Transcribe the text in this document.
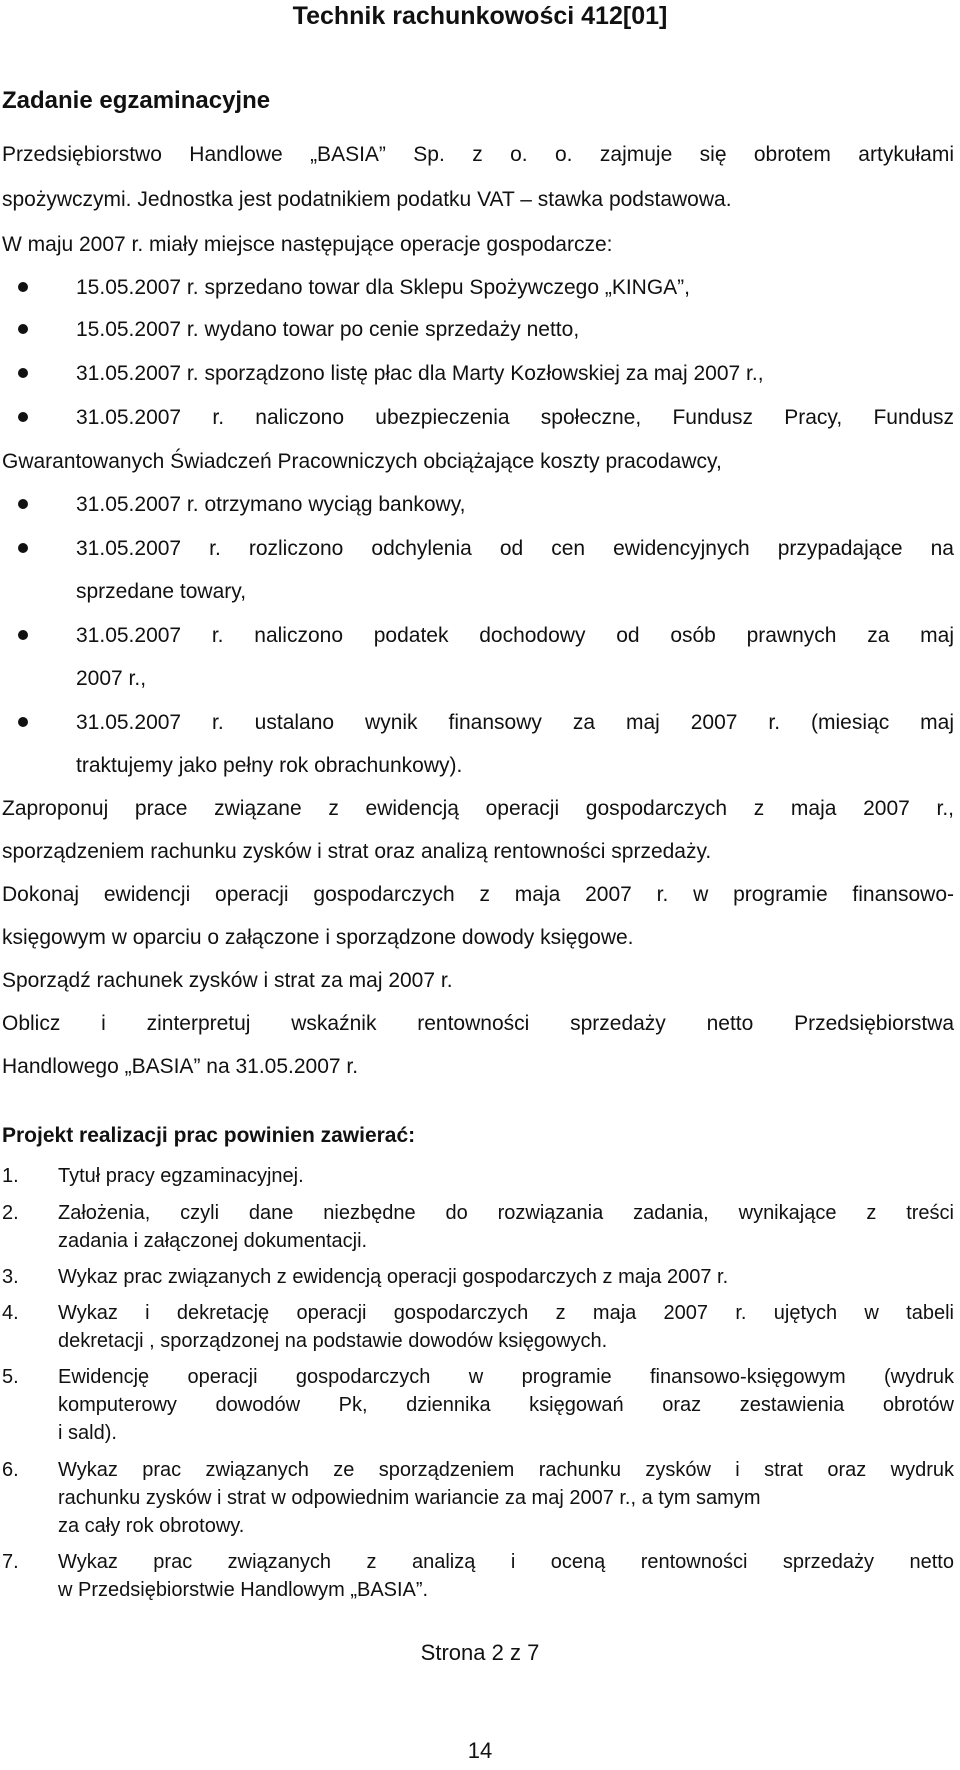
Technik rachunkowości 412[01]
Zadanie egzaminacyjne
Przedsiębiorstwo Handlowe „BASIA” Sp. z o. o. zajmuje się obrotem artykułami
spożywczymi. Jednostka jest podatnikiem podatku VAT – stawka podstawowa.
W maju 2007 r. miały miejsce następujące operacje gospodarcze:
15.05.2007 r. sprzedano towar dla Sklepu Spożywczego „KINGA”,
15.05.2007 r. wydano towar po cenie sprzedaży netto,
31.05.2007 r. sporządzono listę płac dla Marty Kozłowskiej za maj 2007 r.,
31.05.2007 r. naliczono ubezpieczenia społeczne, Fundusz Pracy, Fundusz
Gwarantowanych Świadczeń Pracowniczych obciążające koszty pracodawcy,
31.05.2007 r. otrzymano wyciąg bankowy,
31.05.2007 r. rozliczono odchylenia od cen ewidencyjnych przypadające na
sprzedane towary,
31.05.2007 r. naliczono podatek dochodowy od osób prawnych za maj
2007 r.,
31.05.2007 r. ustalano wynik finansowy za maj 2007 r. (miesiąc maj
traktujemy jako pełny rok obrachunkowy).
Zaproponuj prace związane z ewidencją operacji gospodarczych z maja 2007 r.,
sporządzeniem rachunku zysków i strat oraz analizą rentowności sprzedaży.
Dokonaj ewidencji operacji gospodarczych z maja 2007 r. w programie finansowo-
księgowym w oparciu o załączone i sporządzone dowody księgowe.
Sporządź rachunek zysków i strat za maj 2007 r.
Oblicz i zinterpretuj wskaźnik rentowności sprzedaży netto Przedsiębiorstwa
Handlowego „BASIA” na 31.05.2007 r.
Projekt realizacji prac powinien zawierać:
1. Tytuł pracy egzaminacyjnej.
2. Założenia, czyli dane niezbędne do rozwiązania zadania, wynikające z treści
zadania i załączonej dokumentacji.
3. Wykaz prac związanych z ewidencją operacji gospodarczych z maja 2007 r.
4. Wykaz i dekretację operacji gospodarczych z maja 2007 r. ujętych w tabeli
dekretacji , sporządzonej na podstawie dowodów księgowych.
5. Ewidencję operacji gospodarczych w programie finansowo-księgowym (wydruk
komputerowy dowodów Pk, dziennika księgowań oraz zestawienia obrotów
i sald).
6. Wykaz prac związanych ze sporządzeniem rachunku zysków i strat oraz wydruk
rachunku zysków i strat w odpowiednim wariancie za maj 2007 r., a tym samym
za cały rok obrotowy.
7. Wykaz prac związanych z analizą i oceną rentowności sprzedaży netto
w Przedsiębiorstwie Handlowym „BASIA”.
Strona 2 z 7
14
